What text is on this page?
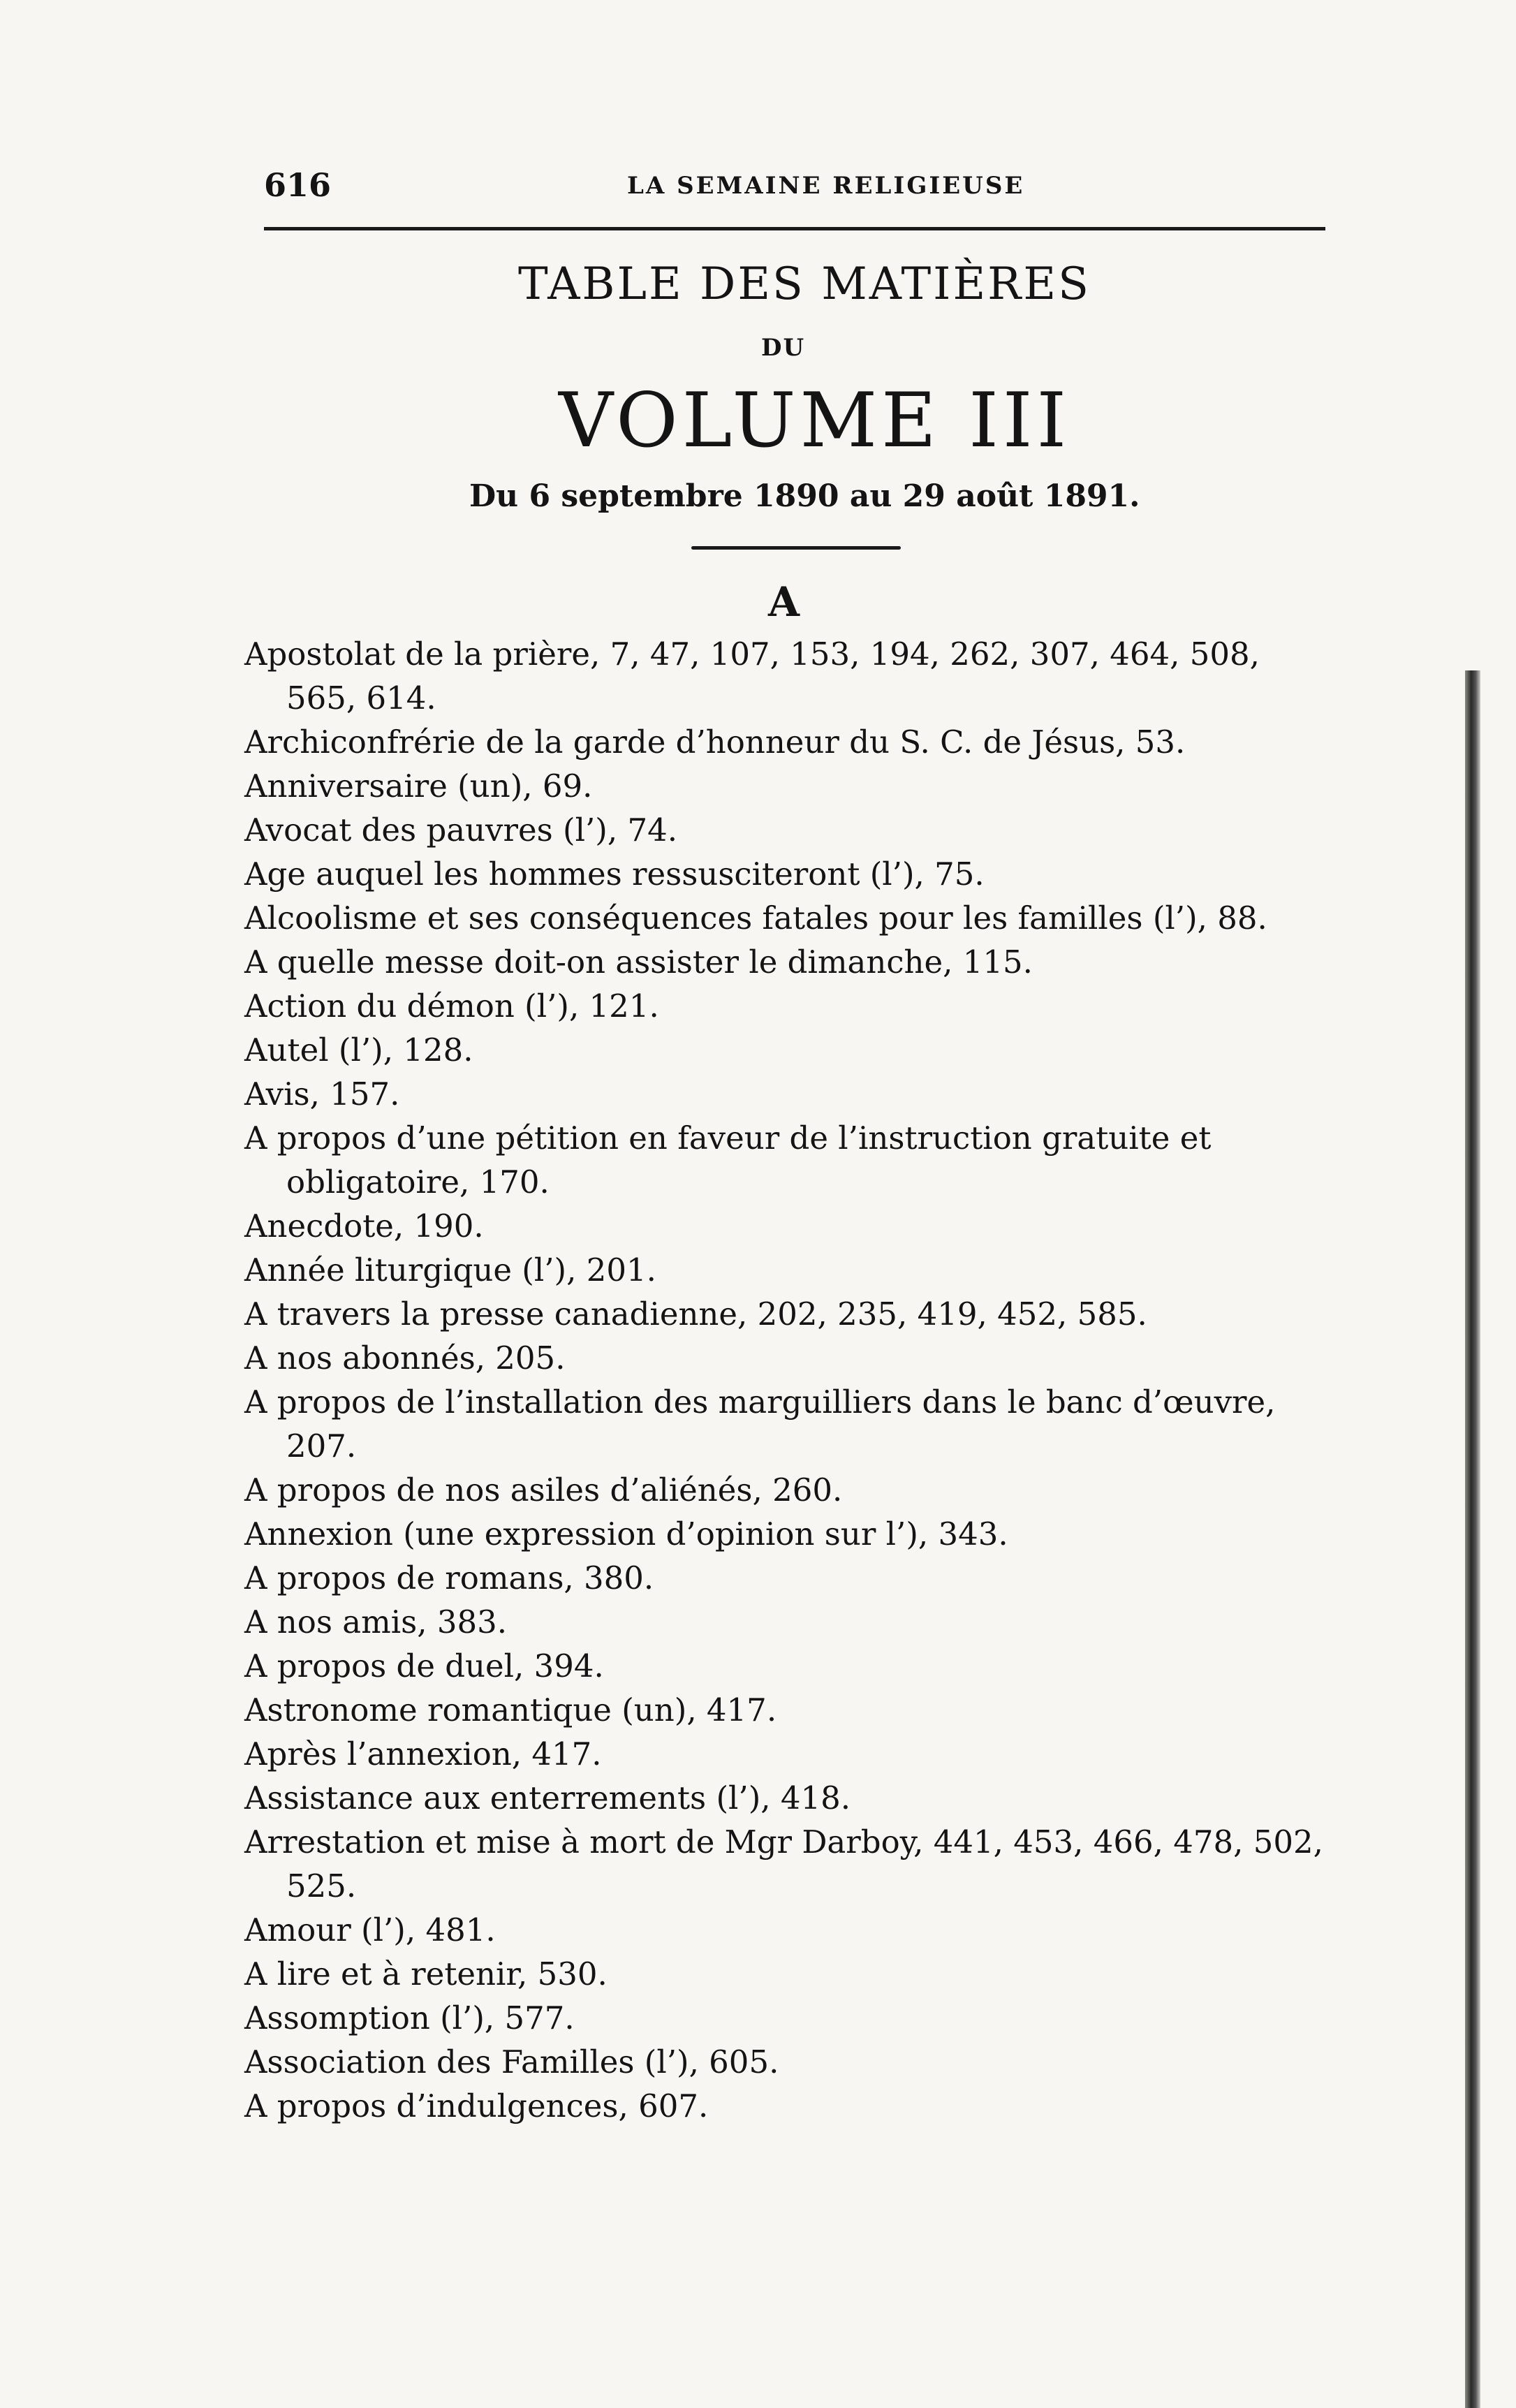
616	LA SEMAINE RELIGIEUSE
TABLE DES MATIÈRES
DU
VOLUME III
Du 6 septembre 1890 au 29 août 1891.
A

Apostolat de la prière, 7, 47, 107, 153, 194, 262, 307, 464, 508, 565, 614.

Archiconfrérie de la garde d’honneur du S. C. de Jésus, 53.

Anniversaire (un), 69.

Avocat des pauvres (l’), 74.

Age auquel les hommes ressusciteront (l’), 75.

Alcoolisme et ses conséquences fatales pour les familles (l’), 88.

A quelle messe doit-on assister le dimanche, 115.

Action du démon (l’), 121.

Autel (l’), 128.

Avis, 157.

A propos d’une pétition en faveur de l’instruction gratuite et obligatoire, 170.

Anecdote, 190.

Année liturgique (l’), 201.

A travers la presse canadienne, 202, 235, 419, 452, 585.

A nos abonnés, 205.

A propos de l’installation des marguilliers dans le banc d’œuvre, 207.

A propos de nos asiles d’aliénés, 260.

Annexion (une expression d’opinion sur l’), 343.

A propos de romans, 380.

A nos amis, 383.

A propos de duel, 394.

Astronome romantique (un), 417.

Après l’annexion, 417.

Assistance aux enterrements (l’), 418.

Arrestation et mise à mort de Mgr Darboy, 441, 453, 466, 478, 502, 525.

Amour (l’), 481.

A lire et à retenir, 530.

Assomption (l’), 577.

Association des Familles (l’), 605.

A propos d’indulgences, 607.
